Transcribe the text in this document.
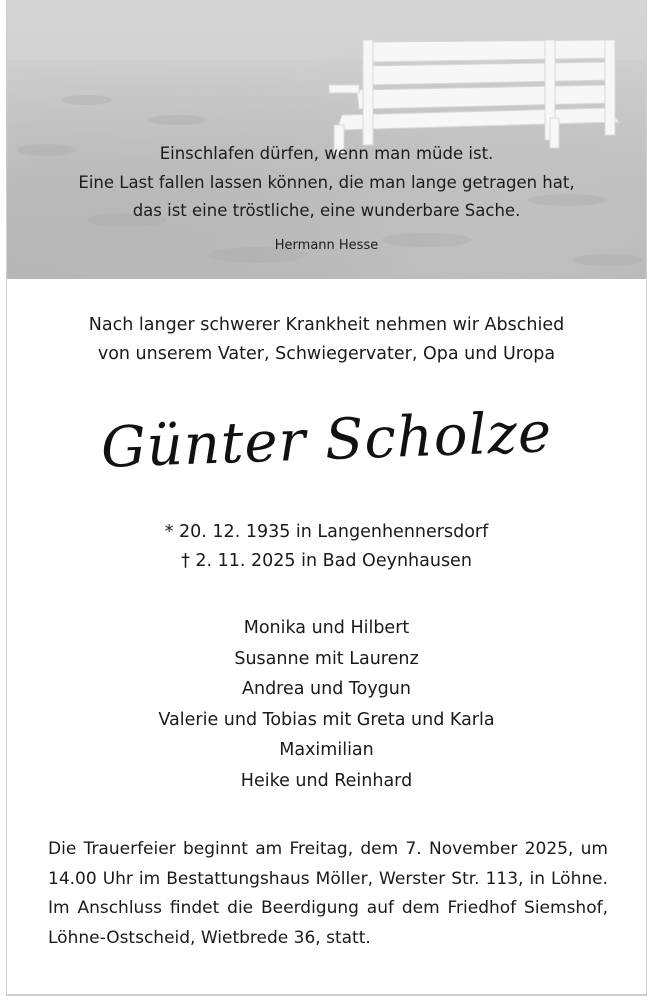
Einschlafen dürfen, wenn man müde ist.
Eine Last fallen lassen können, die man lange getragen hat,
das ist eine tröstliche, eine wunderbare Sache.
Hermann Hesse
Nach langer schwerer Krankheit nehmen wir Abschied
von unserem Vater, Schwiegervater, Opa und Uropa
Günter Scholze
* 20. 12. 1935 in Langenhennersdorf
† 2. 11. 2025 in Bad Oeynhausen
Monika und Hilbert
Susanne mit Laurenz
Andrea und Toygun
Valerie und Tobias mit Greta und Karla
Maximilian
Heike und Reinhard

Die Trauerfeier beginnt am Freitag, dem 7. November 2025, um 14.00 Uhr im Bestattungshaus Möller, Werster Str. 113, in Löhne. Im Anschluss findet die Beerdigung auf dem Friedhof Siemshof, Löhne-Ostscheid, Wietbrede 36, statt.
